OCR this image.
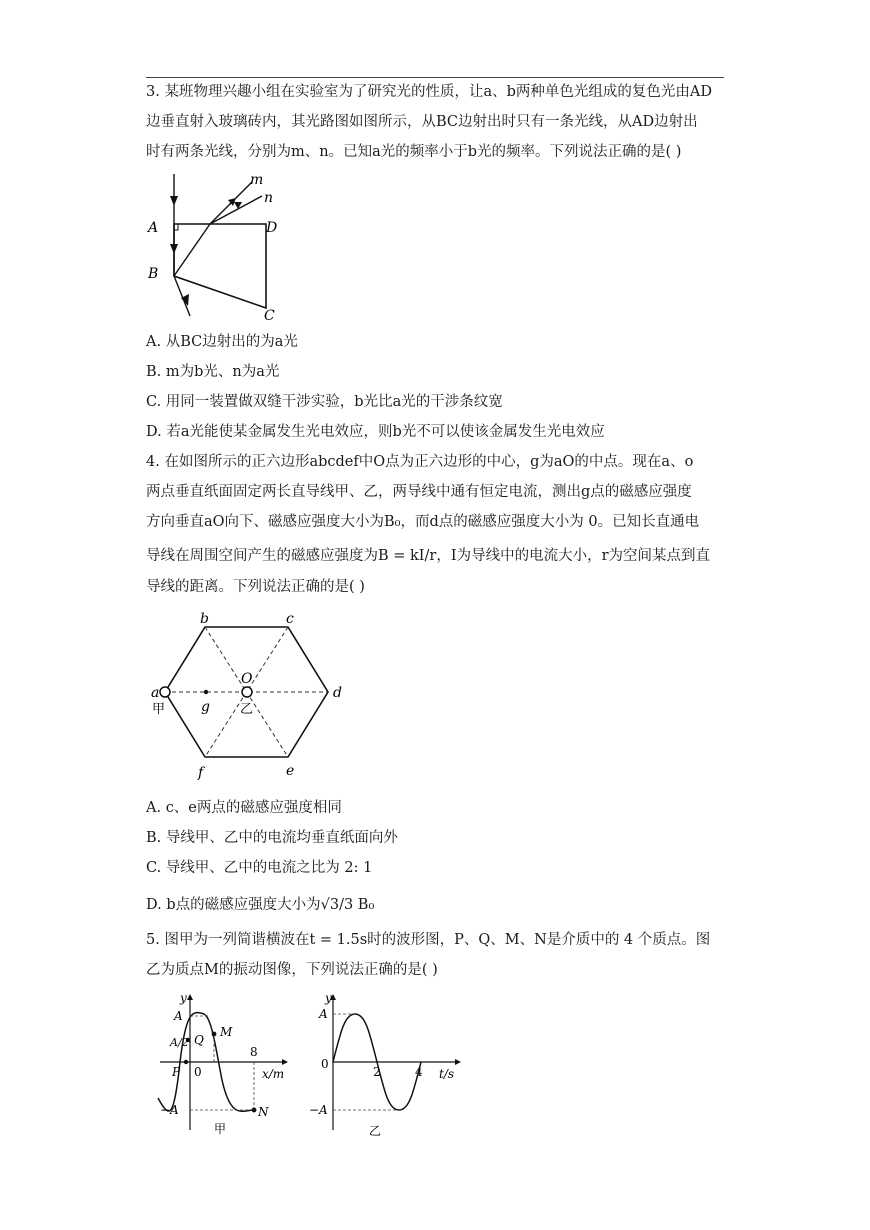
3. 某班物理兴趣小组在实验室为了研究光的性质，让a、b两种单色光组成的复色光由AD
边垂直射入玻璃砖内，其光路图如图所示，从BC边射出时只有一条光线，从AD边射出
时有两条光线，分别为m、n。已知a光的频率小于b光的频率。下列说法正确的是( )
A
B
C
D
m
n
A. 从BC边射出的为a光
B. m为b光、n为a光
C. 用同一装置做双缝干涉实验，b光比a光的干涉条纹宽
D. 若a光能使某金属发生光电效应，则b光不可以使该金属发生光电效应
4. 在如图所示的正六边形abcdef中O点为正六边形的中心，g为aO的中点。现在a、o
两点垂直纸面固定两长直导线甲、乙，两导线中通有恒定电流，测出g点的磁感应强度
方向垂直aO向下、磁感应强度大小为B₀，而d点的磁感应强度大小为 0。已知长直通电
导线在周围空间产生的磁感应强度为B = kI/r，I为导线中的电流大小，r为空间某点到直
导线的距离。下列说法正确的是( )
a
b	c
d
e
f
O
g
甲	乙
A. c、e两点的磁感应强度相同
B. 导线甲、乙中的电流均垂直纸面向外
C. 导线甲、乙中的电流之比为 2: 1
D. b点的磁感应强度大小为√3/3 B₀
5. 图甲为一列简谐横波在t = 1.5s时的波形图，P、Q、M、N是介质中的 4 个质点。图
乙为质点M的振动图像，下列说法正确的是( )
y
A
A/2
−A
0
8
x/m
P
Q
M
N
甲
y
A
−A
0
2	4 t/s
乙
